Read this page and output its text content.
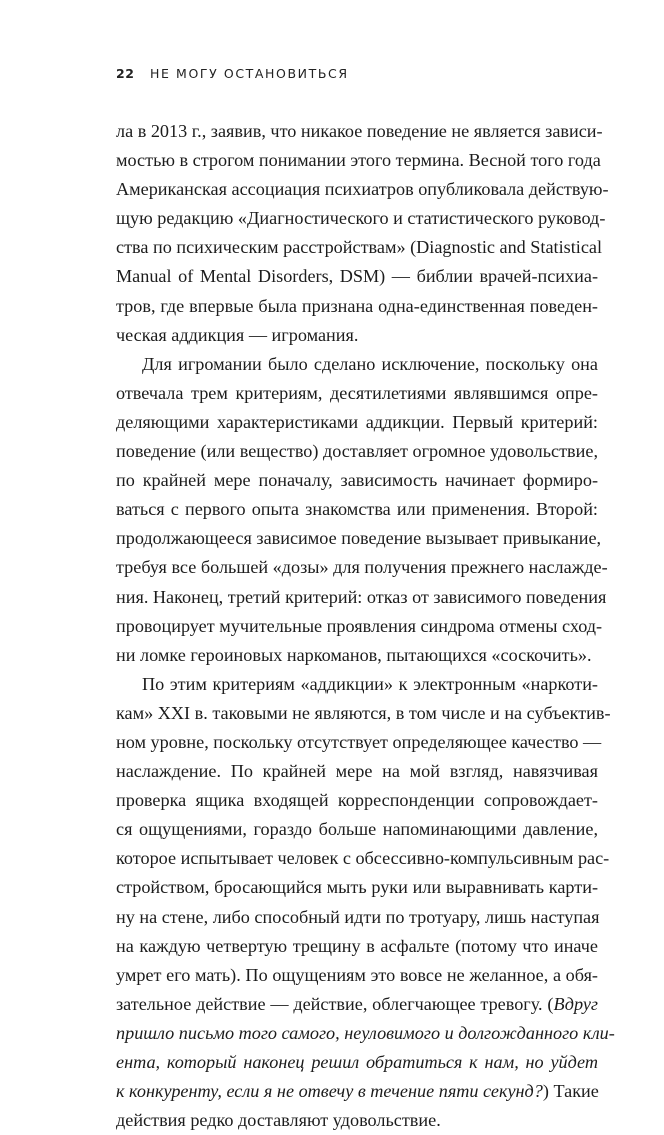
22 НЕ МОГУ ОСТАНОВИТЬСЯ
ла в 2013 г., заявив, что никакое поведение не является зависи-
мостью в строгом понимании этого термина. Весной того года
Американская ассоциация психиатров опубликовала действую-
щую редакцию «Диагностического и статистического руковод-
ства по психическим расстройствам» (Diagnostic and Statistical
Manual of Mental Disorders, DSM) — библии врачей-психиа-
тров, где впервые была признана одна-единственная поведен-
ческая аддикция — игромания.
Для игромании было сделано исключение, поскольку она
отвечала трем критериям, десятилетиями являвшимся опре-
деляющими характеристиками аддикции. Первый критерий:
поведение (или вещество) доставляет огромное удовольствие,
по крайней мере поначалу, зависимость начинает формиро-
ваться с первого опыта знакомства или применения. Второй:
продолжающееся зависимое поведение вызывает привыкание,
требуя все большей «дозы» для получения прежнего наслажде-
ния. Наконец, третий критерий: отказ от зависимого поведения
провоцирует мучительные проявления синдрома отмены сход-
ни ломке героиновых наркоманов, пытающихся «соскочить».
По этим критериям «аддикции» к электронным «наркоти-
кам» XXI в. таковыми не являются, в том числе и на субъектив-
ном уровне, поскольку отсутствует определяющее качество —
наслаждение. По крайней мере на мой взгляд, навязчивая
проверка ящика входящей корреспонденции сопровождает-
ся ощущениями, гораздо больше напоминающими давление,
которое испытывает человек с обсессивно-компульсивным рас-
стройством, бросающийся мыть руки или выравнивать карти-
ну на стене, либо способный идти по тротуару, лишь наступая
на каждую четвертую трещину в асфальте (потому что иначе
умрет его мать). По ощущениям это вовсе не желанное, а обя-
зательное действие — действие, облегчающее тревогу. (Вдруг
пришло письмо того самого, неуловимого и долгожданного кли-
ента, который наконец решил обратиться к нам, но уйдет
к конкуренту, если я не отвечу в течение пяти секунд?) Такие
действия редко доставляют удовольствие.
